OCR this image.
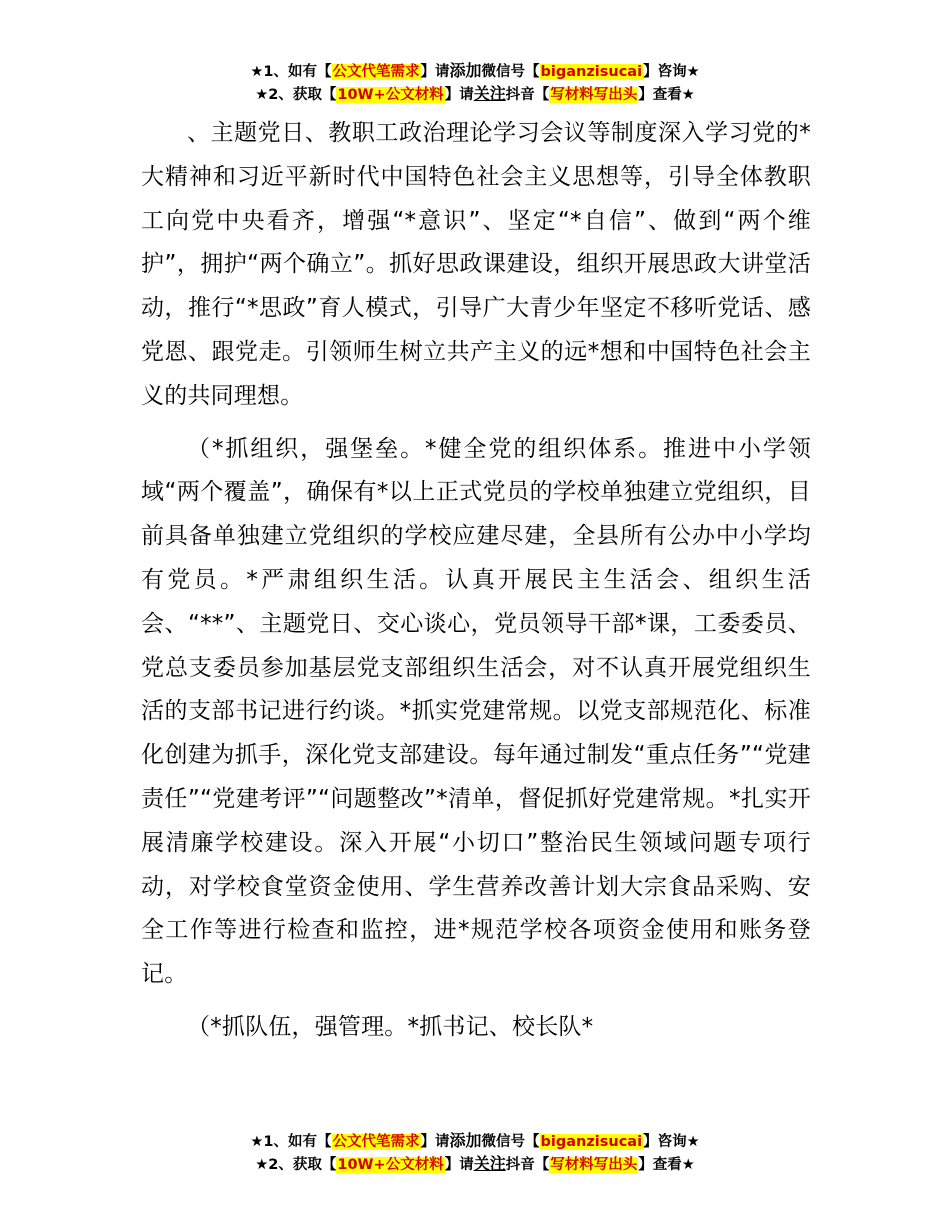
★1、如有【公文代笔需求】请添加微信号【biganzisucai】咨询★
★2、获取【10W+公文材料】请关注抖音【写材料写出头】查看★

、主题党日、教职工政治理论学习会议等制度深入学习党的*大精神和习近平新时代中国特色社会主义思想等，引导全体教职工向党中央看齐，增强“*意识”、坚定“*自信”、做到“两个维护”，拥护“两个确立”。抓好思政课建设，组织开展思政大讲堂活动，推行“*思政”育人模式，引导广大青少年坚定不移听党话、感党恩、跟党走。引领师生树立共产主义的远*想和中国特色社会主义的共同理想。

（*抓组织，强堡垒。*健全党的组织体系。推进中小学领域“两个覆盖”，确保有*以上正式党员的学校单独建立党组织，目前具备单独建立党组织的学校应建尽建，全县所有公办中小学均有党员。*严肃组织生活。认真开展民主生活会、组织生活会、“**”、主题党日、交心谈心，党员领导干部*课，工委委员、党总支委员参加基层党支部组织生活会，对不认真开展党组织生活的支部书记进行约谈。*抓实党建常规。以党支部规范化、标准化创建为抓手，深化党支部建设。每年通过制发“重点任务”“党建责任”“党建考评”“问题整改”*清单，督促抓好党建常规。*扎实开展清廉学校建设。深入开展“小切口”整治民生领域问题专项行动，对学校食堂资金使用、学生营养改善计划大宗食品采购、安全工作等进行检查和监控，进*规范学校各项资金使用和账务登记。

（*抓队伍，强管理。*抓书记、校长队*

★1、如有【公文代笔需求】请添加微信号【biganzisucai】咨询★
★2、获取【10W+公文材料】请关注抖音【写材料写出头】查看★
